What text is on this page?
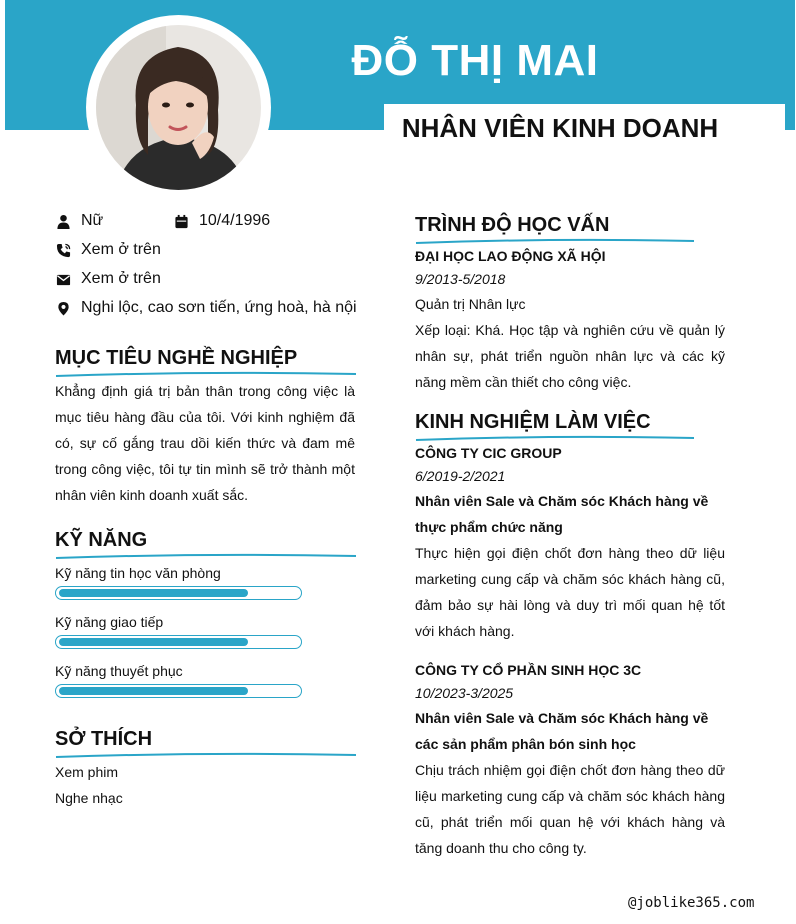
ĐỖ THỊ MAI
NHÂN VIÊN KINH DOANH
Nữ	10/4/1996
Xem ở trên
Xem ở trên
Nghi lộc, cao sơn tiến, ứng hoà, hà nội
MỤC TIÊU NGHỀ NGHIỆP
Khẳng định giá trị bản thân trong công việc là mục tiêu hàng đầu của tôi. Với kinh nghiệm đã có, sự cố gắng trau dồi kiến thức và đam mê trong công việc, tôi tự tin mình sẽ trở thành một nhân viên kinh doanh xuất sắc.
KỸ NĂNG
Kỹ năng tin học văn phòng
Kỹ năng giao tiếp
Kỹ năng thuyết phục
SỞ THÍCH
Xem phim
Nghe nhạc
TRÌNH ĐỘ HỌC VẤN
ĐẠI HỌC LAO ĐỘNG XÃ HỘI
9/2013-5/2018
Quản trị Nhân lực
Xếp loại: Khá. Học tập và nghiên cứu về quản lý nhân sự, phát triển nguồn nhân lực và các kỹ năng mềm cần thiết cho công việc.
KINH NGHIỆM LÀM VIỆC
CÔNG TY CIC GROUP
6/2019-2/2021
Nhân viên Sale và Chăm sóc Khách hàng về thực phẩm chức năng
Thực hiện gọi điện chốt đơn hàng theo dữ liệu marketing cung cấp và chăm sóc khách hàng cũ, đảm bảo sự hài lòng và duy trì mối quan hệ tốt với khách hàng.
CÔNG TY CỔ PHẦN SINH HỌC 3C
10/2023-3/2025
Nhân viên Sale và Chăm sóc Khách hàng về các sản phẩm phân bón sinh học
Chịu trách nhiệm gọi điện chốt đơn hàng theo dữ liệu marketing cung cấp và chăm sóc khách hàng cũ, phát triển mối quan hệ với khách hàng và tăng doanh thu cho công ty.
@joblike365.com
